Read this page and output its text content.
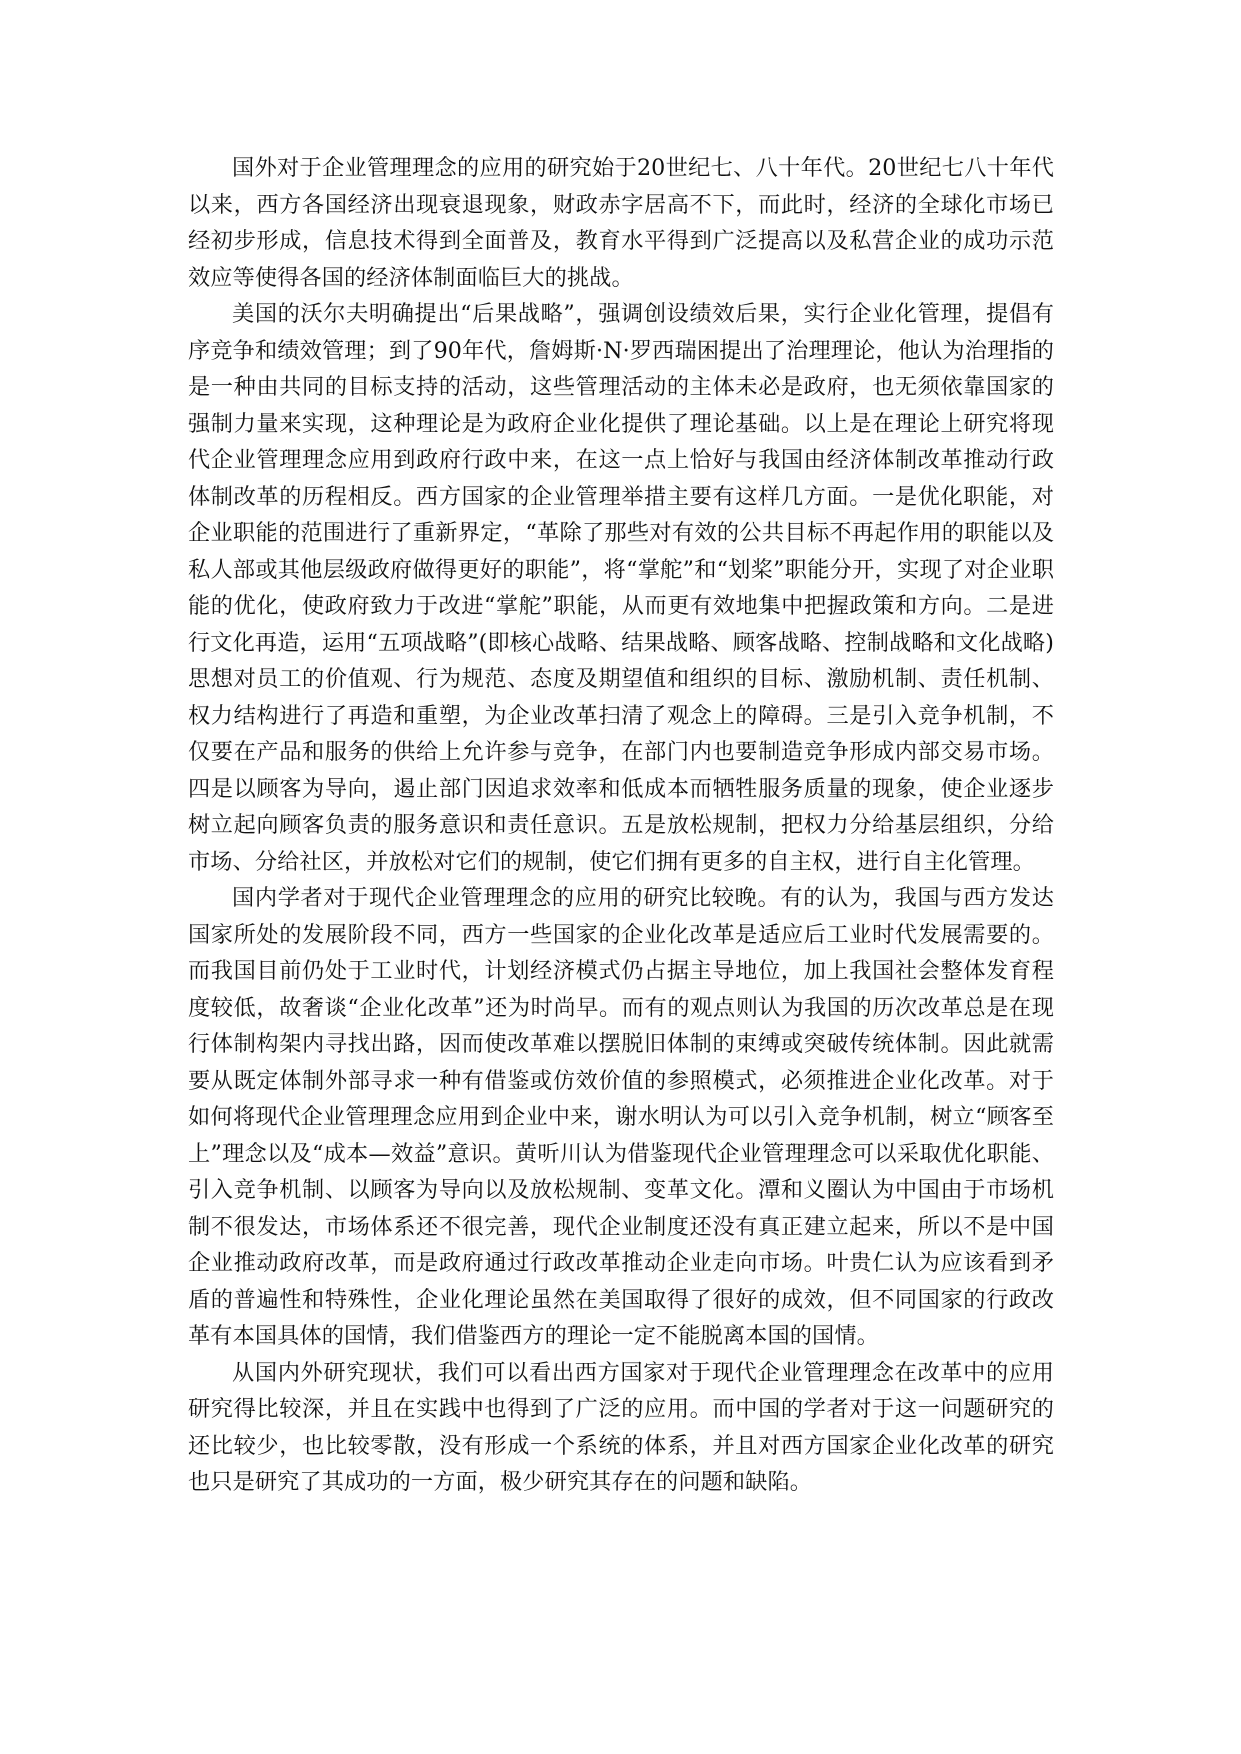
国外对于企业管理理念的应用的研究始于20世纪七、八十年代。20世纪七八十年代以来，西方各国经济出现衰退现象，财政赤字居高不下，而此时，经济的全球化市场已经初步形成，信息技术得到全面普及，教育水平得到广泛提高以及私营企业的成功示范效应等使得各国的经济体制面临巨大的挑战。

美国的沃尔夫明确提出“后果战略”，强调创设绩效后果，实行企业化管理，提倡有序竞争和绩效管理；到了90年代，詹姆斯·N·罗西瑞困提出了治理理论，他认为治理指的是一种由共同的目标支持的活动，这些管理活动的主体未必是政府，也无须依靠国家的强制力量来实现，这种理论是为政府企业化提供了理论基础。以上是在理论上研究将现代企业管理理念应用到政府行政中来，在这一点上恰好与我国由经济体制改革推动行政体制改革的历程相反。西方国家的企业管理举措主要有这样几方面。一是优化职能，对企业职能的范围进行了重新界定，“革除了那些对有效的公共目标不再起作用的职能以及私人部或其他层级政府做得更好的职能”，将“掌舵”和“划桨”职能分开，实现了对企业职能的优化，使政府致力于改进“掌舵”职能，从而更有效地集中把握政策和方向。二是进行文化再造，运用“五项战略”(即核心战略、结果战略、顾客战略、控制战略和文化战略)思想对员工的价值观、行为规范、态度及期望值和组织的目标、激励机制、责任机制、权力结构进行了再造和重塑，为企业改革扫清了观念上的障碍。三是引入竞争机制，不仅要在产品和服务的供给上允许参与竞争，在部门内也要制造竞争形成内部交易市场。四是以顾客为导向，遏止部门因追求效率和低成本而牺牲服务质量的现象，使企业逐步树立起向顾客负责的服务意识和责任意识。五是放松规制，把权力分给基层组织，分给市场、分给社区，并放松对它们的规制，使它们拥有更多的自主权，进行自主化管理。

国内学者对于现代企业管理理念的应用的研究比较晚。有的认为，我国与西方发达国家所处的发展阶段不同，西方一些国家的企业化改革是适应后工业时代发展需要的。而我国目前仍处于工业时代，计划经济模式仍占据主导地位，加上我国社会整体发育程度较低，故奢谈“企业化改革”还为时尚早。而有的观点则认为我国的历次改革总是在现行体制构架内寻找出路，因而使改革难以摆脱旧体制的束缚或突破传统体制。因此就需要从既定体制外部寻求一种有借鉴或仿效价值的参照模式，必须推进企业化改革。对于如何将现代企业管理理念应用到企业中来，谢水明认为可以引入竞争机制，树立“顾客至上”理念以及“成本—效益”意识。黄听川认为借鉴现代企业管理理念可以采取优化职能、引入竞争机制、以顾客为导向以及放松规制、变革文化。潭和义圈认为中国由于市场机制不很发达，市场体系还不很完善，现代企业制度还没有真正建立起来，所以不是中国企业推动政府改革，而是政府通过行政改革推动企业走向市场。叶贵仁认为应该看到矛盾的普遍性和特殊性，企业化理论虽然在美国取得了很好的成效，但不同国家的行政改革有本国具体的国情，我们借鉴西方的理论一定不能脱离本国的国情。

从国内外研究现状，我们可以看出西方国家对于现代企业管理理念在改革中的应用研究得比较深，并且在实践中也得到了广泛的应用。而中国的学者对于这一问题研究的还比较少，也比较零散，没有形成一个系统的体系，并且对西方国家企业化改革的研究也只是研究了其成功的一方面，极少研究其存在的问题和缺陷。
